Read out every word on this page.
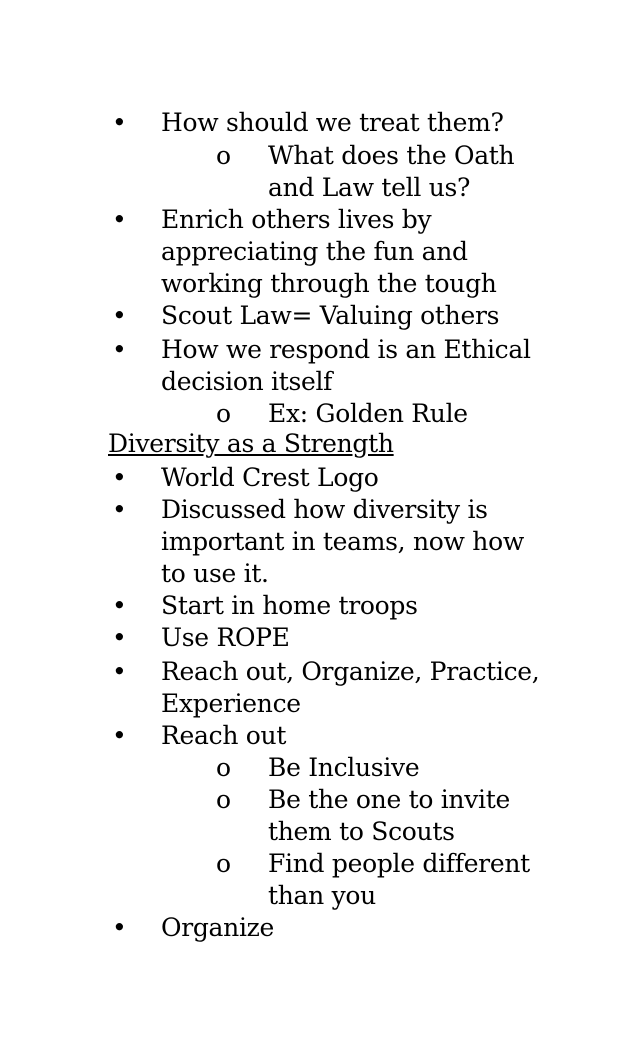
• How should we treat them?
o What does the Oath
and Law tell us?
• Enrich others lives by
appreciating the fun and
working through the tough
• Scout Law= Valuing others
• How we respond is an Ethical
decision itself
o Ex: Golden Rule
Diversity as a Strength
• World Crest Logo
• Discussed how diversity is
important in teams, now how
to use it.
• Start in home troops
• Use ROPE
• Reach out, Organize, Practice,
Experience
• Reach out
o Be Inclusive
o Be the one to invite
them to Scouts
o Find people different
than you
• Organize
